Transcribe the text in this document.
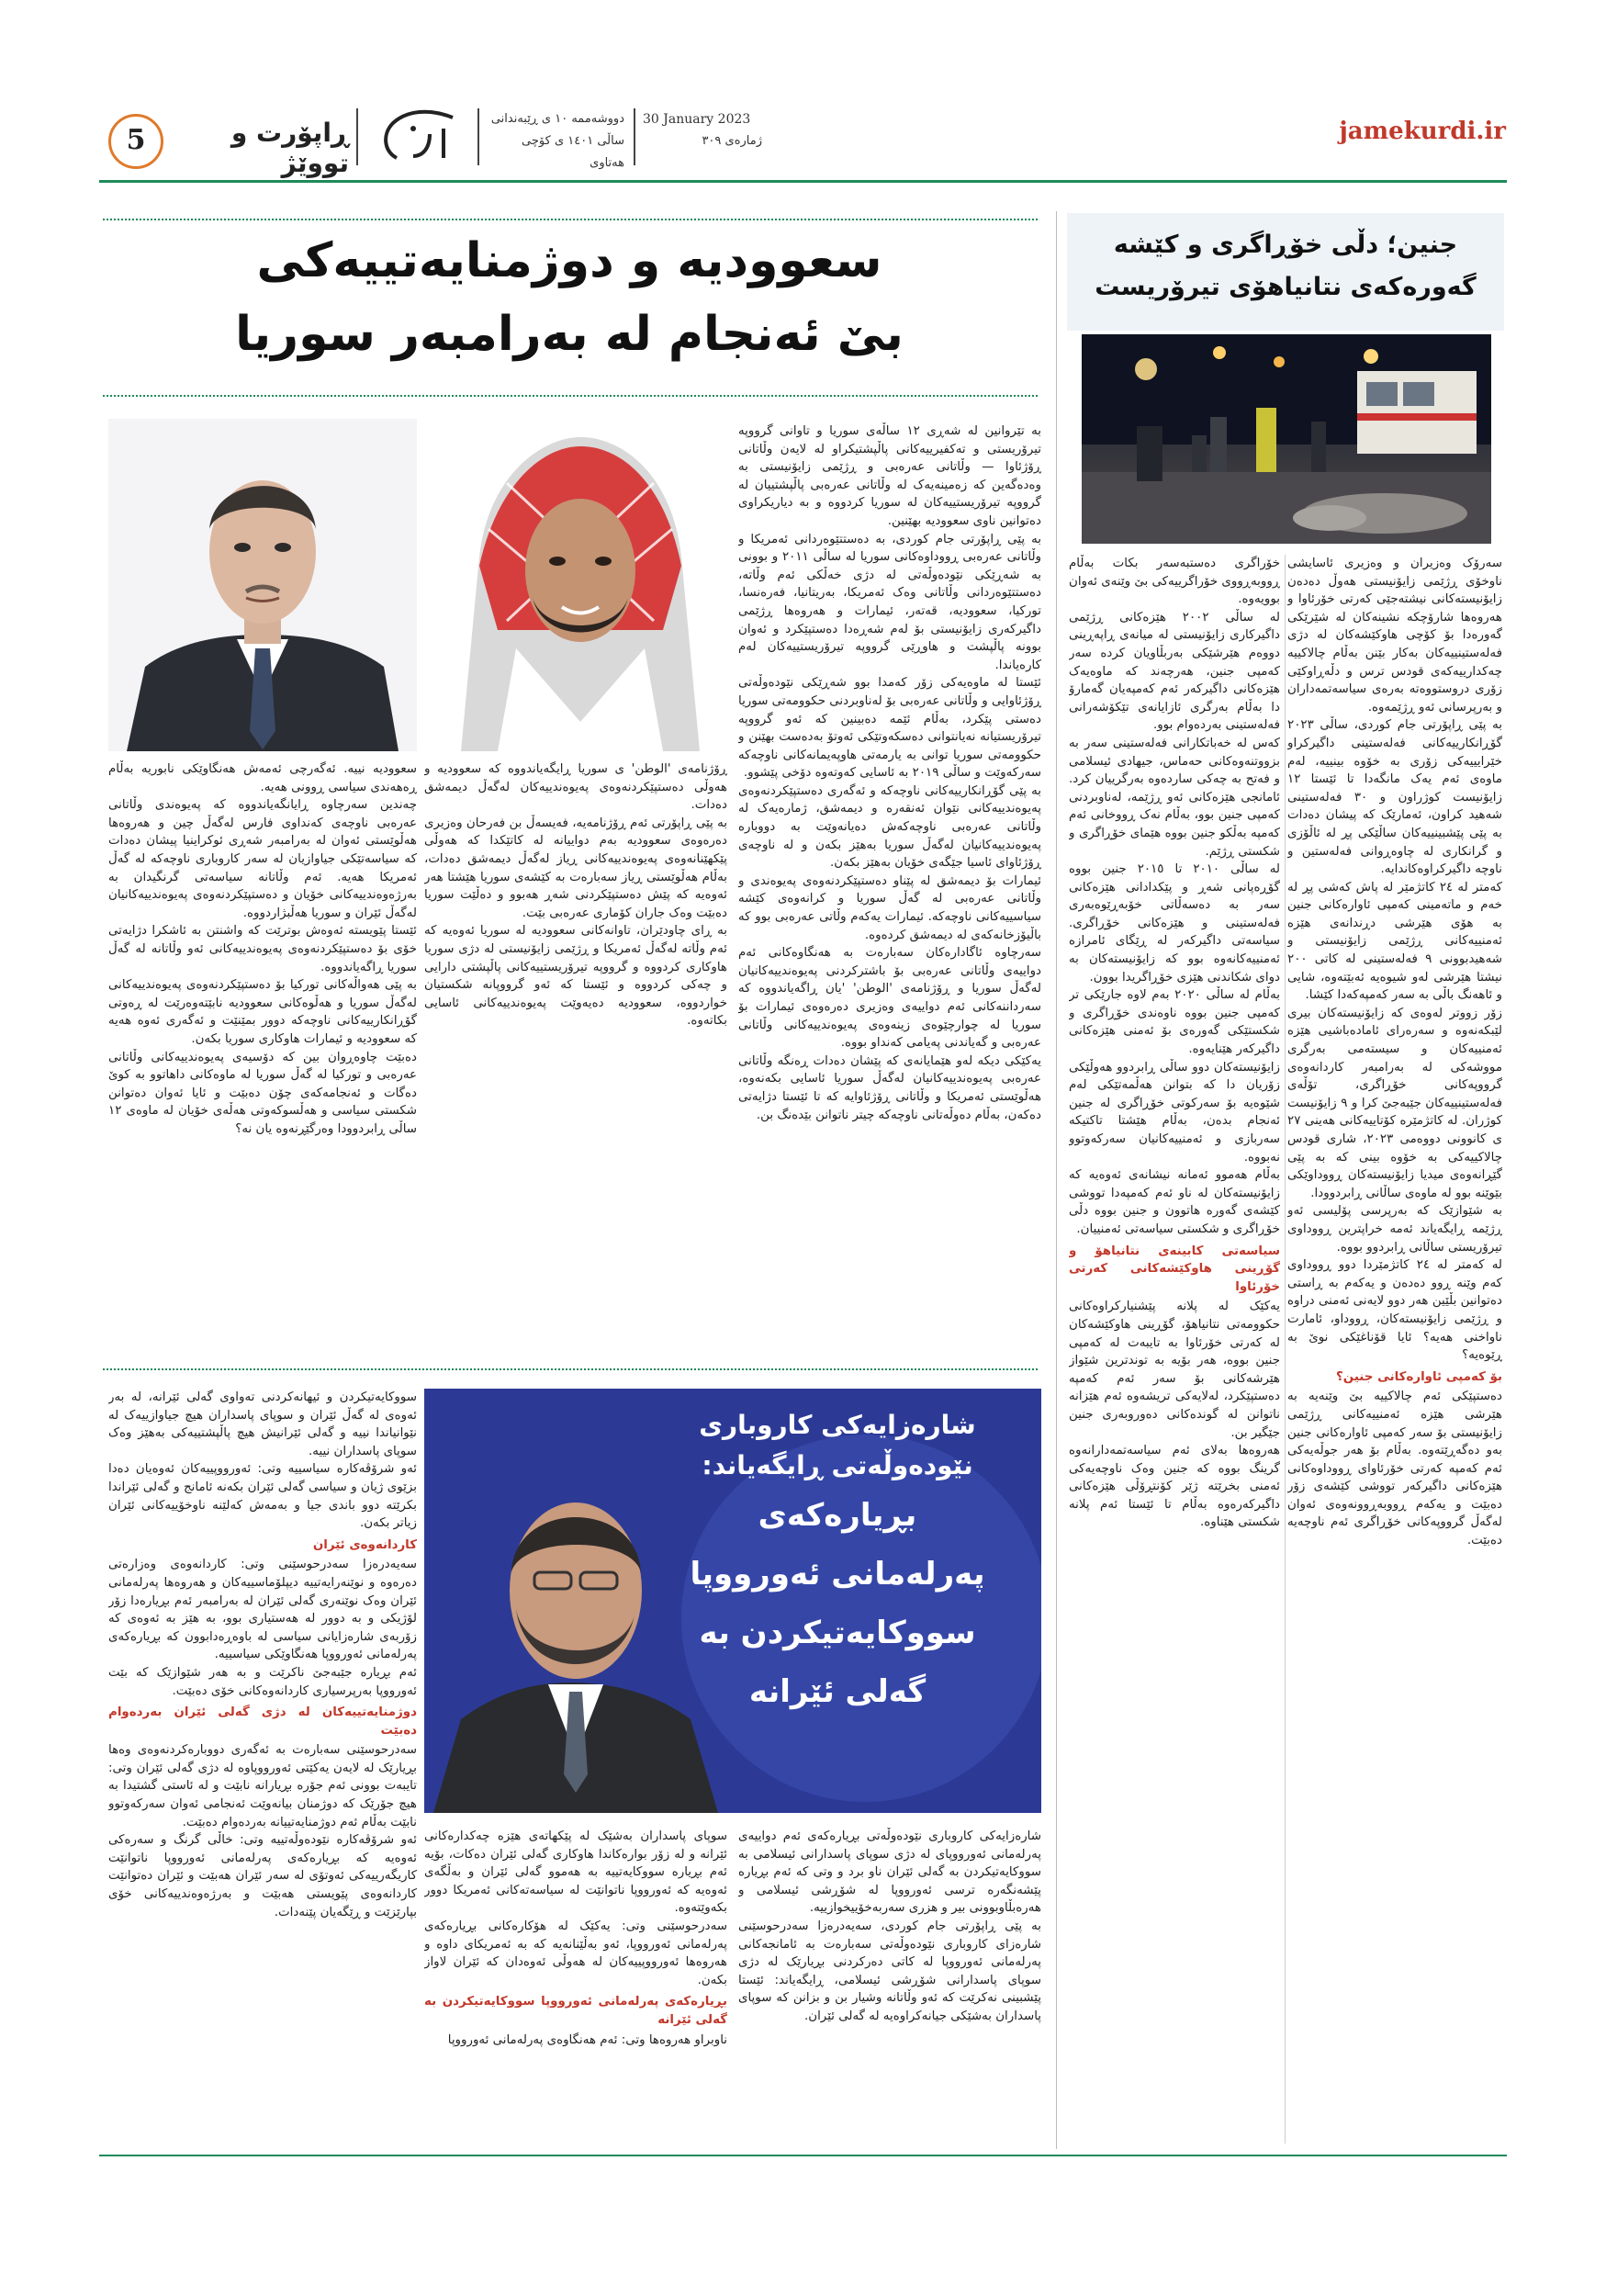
5	ڕاپۆرت و تووێژ
دووشەممە ١٠ ی ڕێبەندانی
ساڵی ١٤٠١ ی کۆچی هەتاوی
30 January 2023
ژمارەی ٣٠٩	jamekurdi.ir
جنین؛ دڵی خۆڕاگری و کێشە
گەورەکەی نتانیاهۆی تیرۆریست

سەرۆک وەزیران و وەزیری ئاسایشی ناوخۆی ڕژێمی زایۆنیستی هەوڵ دەدەن زایۆنیستەکانی نیشتەجێی کەرتی خۆرئاوا و هەروەها شارۆچکە نشینەکان لە شێرێکی گەورەدا بۆ کۆچی هاوکێشەکان لە دژی فەلەستینییەکان بەکار بێنن بەڵام چالاکییە چەکدارییەکەی قودس ترس و دڵەڕاوکێی زۆری دروستووەتە بەرەی سیاسەتمەداران و بەرپرسانی ئەو ڕژێمەوە.

بە پێی ڕاپۆرتی جام کوردی، ساڵی ٢٠٢٣ گۆڕانکارییەکانی فەلەستینی داگیرکراو خێرایییەکی زۆری بە خۆوە بینییە، لەم ماوەی ئەم یەک مانگەدا تا ئێستا ١٢ زایۆنیست کوژراون و ٣٠ فەلەستینی شەهید کراون، ئەمارێک کە پیشان دەدات بە پێی پێشبینییەکان ساڵێکی پڕ لە ئاڵۆزی و گرانکاری لە چاوەڕوانی فەلەستین و ناوچە داگیرکراوەکاندایە.

کەمتر لە ٢٤ کاتژمێر لە پاش کەشی پڕ لە خەم و ماتەمینی کەمپی ئاوارەکانی جنین بە هۆی هێرشی دڕندانەی هێزە ئەمنییەکانی ڕژێمی زایۆنیستی و شەهیدبوونی ٩ فەلەستینی لە کاتی ٢٠٠ نیشتا هێرشی لەو شیوەیە ئەبێتەوە، شایی و ئاهەنگ باڵی بە سەر کەمپەکەدا کێشا.

زۆر زووتر لەوەی کە زایۆنیستەکان بیری لێبکەنەوە و سەرەرای ئامادەباشیی هێزە ئەمنییەکان و سیستەمی بەرگری مووشەکی لە بەرامبەر کاردانەوەی گرووپەکانی خۆڕاگری، تۆڵەی فەلەستینییەکان جێبەجێ کرا و ٩ زایۆنیست کوژران. لە کاتژمێرە کۆتاییەکانی هەینی ٢٧ ی کانوونی دووەمی ٢٠٢٣، شاری قودس چالاکییەکی بە خۆوە بینی کە بە پێی گێڕانەوەی میدیا زایۆنیستەکان ڕووداوێکی بێوێنە بوو لە ماوەی ساڵانی ڕابردوودا.

بە شێوازێک کە بەرپرسی پۆلیسی ئەو ڕژێمە ڕایگەیاند ئەمە خراپترین ڕووداوی تیرۆریستی ساڵانی ڕابردوو بووە.

لە کەمتر لە ٢٤ کاتژمێردا دوو ڕووداوی کەم وێنە ڕوو دەدەن و یەکەم بە ڕاستی دەتوانین بڵێین هەر دوو لایەنی ئەمنی دراوە و ڕژێمی زایۆنیستەکان، ڕووداو، ئامارت ناواخنی هەیە؟ ئایا قۆناغێکی نوێ بە ڕێوەیە؟

بۆ کەمپی ئاوارەکانی جنین؟

دەستپێکی ئەم چالاکییە بێ وێنەیە بە هێرشی هێزە ئەمنییەکانی ڕژێمی زایۆنیستی بۆ سەر کەمپی ئاوارەکانی جنین بەو دەگەڕێتەوە. بەڵام بۆ هەر جوڵەیەکی ئەم کەمپە کەرتی خۆرئاوای ڕووداوەکانی هێزەکانی داگیرکەر تووشی کێشەی زۆر دەبێت و یەکەم ڕووبەڕوونەوەی ئەوان لەگەڵ گرووپەکانی خۆڕاگری ئەم ناوچەیە دەبێت.

خۆراگری دەستبەسەر بکات بەڵام ڕووبەڕووی خۆراگرییەکی بێ وێنەی ئەوان بوویەوە.

لە ساڵی ٢٠٠٢ هێزەکانی ڕژێمی داگیرکاری زایۆنیستی لە میانەی ڕاپەڕینی دووەم هێرشێکی بەربڵاویان کردە سەر کەمپی جنین، هەرچەند کە ماوەیەک هێزەکانی داگیرکەر ئەم کەمپەیان گەمارۆ دا بەڵام بەرگری ئازایانەی تێکۆشەرانی فەلەستینی بەردەوام بوو.

کەس لە خەباتکارانی فەلەستینی سەر بە بزووتنەوەکانی حەماس، جیهادی ئیسلامی و فەتح بە چەکی ساردەوە بەرگرییان کرد. ئامانجی هێزەکانی ئەو ڕژێمە، لەناوبردنی کەمپی جنین بوو، بەڵام نەک ڕووخانی ئەم کەمپە بەڵکو جنین بووە هێمای خۆڕاگری و شکستی ڕژێم.

لە ساڵی ٢٠١٠ تا ٢٠١٥ جنین بووە گۆڕەپانی شەڕ و پێکدادانی هێزەکانی سەر بە دەسەڵاتی خۆبەڕێوەبەری فەلەستینی و هێزەکانی خۆڕاگری. سیاسەتی داگیرکەر لە ڕێگای ئامرازە ئەمنییەکانەوە بوو کە زایۆنیستەکان بە دوای شکاندنی هێزی خۆڕاگریدا بوون.

بەڵام لە ساڵی ٢٠٢٠ بەم لاوە جارێکی تر کەمپی جنین بووە ناوەندی خۆڕاگری و شکستێکی گەورەی بۆ ئەمنی هێزەکانی داگیرکەر هێنایەوە.

زایۆنیستەکان دوو ساڵی ڕابردوو هەوڵێکی زۆریان دا کە بتوانن هەڵمەتێکی لەم شێوەیە بۆ سەرکوتی خۆڕاگری لە جنین ئەنجام بدەن، بەڵام هێشتا تاکتیکە سەربازی و ئەمنییەکانیان سەرکەوتوو نەبووە.

بەڵام هەموو ئەمانە نیشانەی ئەوەیە کە زایۆنیستەکان لە ناو ئەم کەمپەدا تووشی کێشەی گەورە هاتوون و جنین بووە دڵی خۆڕاگری و شکستی سیاسەتی ئەمنییان.

سیاسەتی کابینەی نتانیاهۆ و گۆڕینی هاوکێشەکانی کەرتی خۆرئاوا

یەکێک لە پلانە پێشنیارکراوەکانی حکوومەتی نتانیاهۆ، گۆڕینی هاوکێشەکان لە کەرتی خۆرئاوا بە تایبەت لە کەمپی جنین بووە، هەر بۆیە بە توندترین شێواز هێرشەکانی بۆ سەر ئەم کەمپە دەستپێکرد، لەلایەکی تریشەوە ئەم هێزانە ناتوانن لە گوندەکانی دەوروبەری جنین جێگیر بن.

هەروەها بەلای ئەم سیاسەتمەدارانەوە گرینگ بووە کە جنین وەک ناوچەیەکی ئەمنی بخرێتە ژێر کۆنتڕۆڵی هێزەکانی داگیرکەرەوە بەڵام تا ئێستا ئەم پلانە شکستی هێناوە.

سعوودیە و دوژمنایەتییەکی
بێ ئەنجام لە بەرامبەر سوریا

بە تێروانین لە شەڕی ١٢ ساڵەی سوریا و تاوانی گرووپە تیرۆریستی و تەکفیرییەکانی پاڵپشتیکراو لە لایەن وڵاتانی ڕۆژئاوا — وڵاتانی عەرەبی و ڕژێمی زایۆنیستی بە وەدەگەین کە زەمینەیەک لە وڵاتانی عەرەبی پاڵپشتییان لە گرووپە تیرۆریستییەکان لە سوریا کردووە و بە دیاریکراوی دەتوانین ناوی سعوودیە بهێنین.

بە پێی ڕاپۆرتی جام کوردی، بە دەستتێوەردانی ئەمریکا و وڵاتانی عەرەبی ڕووداوەکانی سوریا لە ساڵی ٢٠١١ و بوونی بە شەڕێکی نێودەوڵەتی لە دژی خەڵکی ئەم وڵاتە، دەستتێوەردانی وڵاتانی وەک ئەمریکا، بەریتانیا، فەرەنسا، تورکیا، سعوودیە، قەتەر، ئیمارات و هەروەها ڕژێمی داگیرکەری زایۆنیستی بۆ لەم شەڕەدا دەستپێکرد و ئەوان بوونە پاڵپشت و هاوڕێی گرووپە تیرۆریستییەکان لەم کارەیاندا.

ئێستا لە ماوەیەکی زۆر کەمدا بوو شەڕێکی نێودەوڵەتی ڕۆژئاوایی و وڵاتانی عەرەبی بۆ لەناوبردنی حکوومەتی سوریا دەستی پێکرد، بەڵام ئێمە دەبینین کە ئەو گرووپە تیرۆریستیانە نەیانتوانی دەسکەوتێکی ئەوتۆ بەدەست بهێنن و حکوومەتی سوریا توانی بە یارمەتی هاوپەیمانەکانی ناوچەکە سەرکەوێت و ساڵی ٢٠١٩ بە ئاسایی کەوتەوە دۆخی پێشوو.

بە پێی گۆڕانکارییەکانی ناوچەکە و ئەگەری دەستپێکردنەوەی پەیوەندییەکانی نێوان ئەنقەرە و دیمەشق، ژمارەیەک لە وڵاتانی عەرەبی ناوچەکەش دەیانەوێت بە دووبارە پەیوەندییەکانیان لەگەڵ سوریا بەهێز بکەن و لە ناوچەی ڕۆژئاوای ئاسیا جێگەی خۆیان بەهێز بکەن.

ئیمارات بۆ دیمەشق لە پێناو دەستپێکردنەوەی پەیوەندی و وڵاتانی عەرەبی لە گەڵ سوریا و کرانەوەی کێشە سیاسییەکانی ناوچەکە. ئیمارات یەکەم وڵاتی عەرەبی بوو کە باڵیۆزخانەکەی لە دیمەشق کردەوە.

سەرچاوە ئاگادارەکان سەبارەت بە هەنگاوەکانی ئەم دواییەی وڵاتانی عەرەبی بۆ باشترکردنی پەیوەندییەکانیان لەگەڵ سوریا و ڕۆژنامەی 'الوطن' 'یان ڕاگەیاندووە کە سەرداننەکانی ئەم دواییەی وەزیری دەرەوەی ئیمارات بۆ سوریا لە چوارچێوەی زینەوەی پەیوەندییەکانی وڵاتانی عەرەبی و گەیاندنی پەیامی کەنداو بووە.

یەکێکی دیکە لەو هێمایانەی کە پێشان دەدات ڕەنگە وڵاتانی عەرەبی پەیوەندییەکانیان لەگەڵ سوریا ئاسایی بکەنەوە، هەڵوێستی ئەمریکا و وڵاتانی ڕۆژئاوایە کە تا ئێستا دژایەتی دەکەن، بەڵام دەوڵەتانی ناوچەکە چیتر ناتوانن بێدەنگ بن.

ڕۆژنامەی 'الوطن' ی سوریا ڕایگەیاندووە کە سعوودیە و هەوڵی دەستپێکردنەوەی پەیوەندییەکان لەگەڵ دیمەشق دەدات.

بە پێی ڕاپۆرتی ئەم ڕۆژنامەیە، فەیسەڵ بن فەرحان وەزیری دەرەوەی سعوودیە بەم دواییانە لە کاتێکدا کە هەوڵی پێکهێنانەوەی پەیوەندییەکانی ڕیاز لەگەڵ دیمەشق دەدات، بەڵام هەڵوێستی ڕیاز سەبارەت بە کێشەی سوریا هێشتا هەر ئەوەیە کە پێش دەستپێکردنی شەڕ هەبوو و دەڵێت سوریا دەبێت وەک جاران کۆماری عەرەبی بێت.

بە ڕای چاودێران، تاوانەکانی سعوودیە لە سوریا ئەوەیە کە ئەم وڵاتە لەگەڵ ئەمریکا و ڕژێمی زایۆنیستی لە دژی سوریا هاوکاری کردووە و گرووپە تیرۆریستییەکانی پاڵپشتی دارایی و چەکی کردووە و ئێستا کە ئەو گرووپانە شکستیان خواردووە، سعوودیە دەیەوێت پەیوەندییەکانی ئاسایی بکاتەوە.

سعوودیە نییە. ئەگەرچی ئەمەش هەنگاوێکی نابوریە بەڵام ڕەهەندی سیاسی ڕوونی هەیە.

چەندین سەرچاوە ڕایانگەیاندووە کە پەیوەندی وڵاتانی عەرەبی ناوچەی کەنداوی فارس لەگەڵ چین و هەروەها هەڵوێستی ئەوان لە بەرامبەر شەڕی ئوکراینیا پیشان دەدات کە سیاسەتێکی جیاوازیان لە سەر کاروباری ناوچەکە لە گەڵ ئەمریکا هەیە. ئەم وڵاتانە سیاسەتی گرنگیدان بە بەرژەوەندییەکانی خۆیان و دەستپێکردنەوەی پەیوەندییەکانیان لەگەڵ ئێران و سوریا هەڵبژاردووە.

ئێستا پێویستە ئەوەش بوترێت کە واشنتن بە ئاشکرا دژایەتی خۆی بۆ دەستپێکردنەوەی پەیوەندییەکانی ئەو وڵاتانە لە گەڵ سوریا ڕاگەیاندووە.

بە پێی هەواڵەکانی تورکیا بۆ دەستپێکردنەوەی پەیوەندییەکانی لەگەڵ سوریا و هەڵوەکانی سعوودیە نابێتەوەرێت لە ڕەوتی گۆڕانکارییەکانی ناوچەکە دوور بمێنێت و ئەگەری ئەوە هەیە کە سعوودیە و ئیمارات هاوکاری سوریا بکەن.

دەبێت چاوەڕوان بین کە دۆسیەی پەیوەندییەکانی وڵاتانی عەرەبی و تورکیا لە گەڵ سوریا لە ماوەکانی داهاتوو بە کوێ دەگات و ئەنجامەکەی چۆن دەبێت و ئایا ئەوان دەتوانن شکستی سیاسی و هەڵسوکەوتی هەڵەی خۆیان لە ماوەی ١٢ ساڵی ڕابردوودا وەرگێڕنەوە یان نە؟

شارەزایەکی کاروباری
نێودەوڵەتی ڕایگەیاند:
بڕیارەکەی
پەرلەمانی ئەورووپا
سووکایەتیکردن بە
گەلی ئێرانە

شارەزایەکی کاروباری نێودەوڵەتی بڕیارەکەی ئەم دواییەی پەرلەمانی ئەورووپای لە دژی سوپای پاسدارانی ئیسلامی بە سووکایەتیکردن بە گەلی ئێران ناو برد و وتی کە ئەم بڕیارە پێشەنگەرە ترسی ئەورووپا لە شۆڕشی ئیسلامی و هەرەبڵاوبوونی بیر و هزری سەربەخۆییخوازییە.

بە پێی ڕاپۆرتی جام کوردی، سەیەدرەزا سەدرحوسێنی شارەزای کاروباری نێودەوڵەتی سەبارەت بە ئامانجەکانی پەرلەمانی ئەورووپا لە کاتی دەرکردنی بڕیارێک لە دژی سوپای پاسدارانی شۆڕشی ئیسلامی، ڕایگەیاند: ئێستا پێشبینی نەکرێت کە ئەو وڵاتانە وشیار بن و بزانن کە سوپای پاسداران بەشێکی جیانەکراوەیە لە گەلی ئێران.

سوپای پاسداران بەشێک لە پێکهاتەی هێزە چەکدارەکانی ئێرانە و لە زۆر بوارەکاندا هاوکاری گەلی ئێران دەکات، بۆیە ئەم بڕیارە سووکایەتییە بە هەموو گەلی ئێران و بەڵگەی ئەوەیە کە ئەورووپا ناتوانێت لە سیاسەتەکانی ئەمریکا دوور بکەوێتەوە.

سەدرحوسێنی وتی: یەکێک لە هۆکارەکانی بڕیارەکەی پەرلەمانی ئەورووپا، ئەو بەڵێنانەیە کە بە ئەمریکای داوە و هەروەها ئەورووپییەکان لە هەوڵی ئەوەدان کە ئێران لاواز بکەن.

بڕیارەکەی پەرلەمانی ئەورووپا سووکایەتیکردن بە گەلی ئێرانە

ناوبراو هەروەها وتی: ئەم هەنگاوەی پەرلەمانی ئەورووپا

سووکایەتیکردن و ئیهانەکردنی تەواوی گەلی ئێرانە، لە بەر ئەوەی لە گەڵ ئێران و سوپای پاسداران هیچ جیاوازییەک لە نێوانیاندا نییە و گەلی ئێرانیش هیچ پاڵپشتییەکی بەهێز وەک سوپای پاسداران نییە.

ئەو شرۆڤەکارە سیاسییە وتی: ئەورووپییەکان ئەوەیان دەدا بزێوی ژیان و سیاسی گەلی ئێران بکەنە ئامانج و گەلی ئێراندا بکرێتە دوو باندی جیا و بەمەش کەلێنە ناوخۆییەکانی ئێران زیاتر بکەن.

کاردانەوەی ئێران

سەیەدرەزا سەدرحوسێنی وتی: کاردانەوەی وەزارەتی دەرەوە و نوێنەرایەتییە دیپلۆماسییەکان و هەروەها پەرلەمانی ئێران وەک نوێنەری گەلی ئێران لە بەرامبەر ئەم بڕیارەدا زۆر لۆژیکی و بە دوور لە هەستیاری بوو، بە هێز بە ئەوەی کە زۆربەی شارەزایانی سیاسی لە باوەڕەدابوون کە بڕیارەکەی پەرلەمانی ئەورووپا هەنگاوێکی سیاسییە.

ئەم بڕیارە جێبەجێ ناکرێت و بە هەر شێوازێک کە بێت ئەورووپا بەرپرسیاری کاردانەوەکانی خۆی دەبێت.

دوژمنایەتییەکان لە دژی گەلی ئێران بەردەوام دەبێت

سەدرحوسێنی سەبارەت بە ئەگەری دووبارەکردنەوەی وەها بڕیارێک لە لایەن یەکێتی ئەورووپاوە لە دژی گەلی ئێران وتی: تایبەت بوونی ئەم جۆرە بڕیارانە نابێت و لە ئاستی گشتیدا بە هیچ جۆرێک کە دوژمنان بیانەوێت ئەنجامی ئەوان سەرکەوتوو نابێت بەڵام ئەم دوژمنایەتییانە بەردەوام دەبێت.

ئەو شرۆڤەکارە نێودەوڵەتییە وتی: خاڵی گرنگ و سەرەکی ئەوەیە کە بڕیارەکەی پەرلەمانی ئەورووپا ناتوانێت کاریگەرییەکی ئەوتۆی لە سەر ئێران هەبێت و ئێران دەتوانێت کاردانەوەی پێویستی هەبێت و بەرژەوەندییەکانی خۆی بپارێزێت و ڕێگەیان پێنەدات.
